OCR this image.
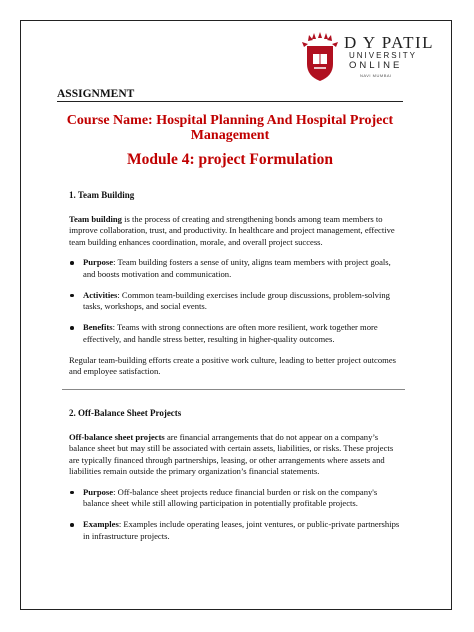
D Y PATIL
UNIVERSITY
ONLINE
NAVI MUMBAI
ASSIGNMENT
Course Name: Hospital Planning And Hospital Project Management
Module 4: project Formulation
1. Team Building

Team building is the process of creating and strengthening bonds among team members to improve collaboration, trust, and productivity. In healthcare and project management, effective team building enhances coordination, morale, and overall project success.

Purpose: Team building fosters a sense of unity, aligns team members with project goals, and boosts motivation and communication.
Activities: Common team-building exercises include group discussions, problem-solving tasks, workshops, and social events.
Benefits: Teams with strong connections are often more resilient, work together more effectively, and handle stress better, resulting in higher-quality outcomes.

Regular team-building efforts create a positive work culture, leading to better project outcomes and employee satisfaction.

2. Off-Balance Sheet Projects

Off-balance sheet projects are financial arrangements that do not appear on a company’s balance sheet but may still be associated with certain assets, liabilities, or risks. These projects are typically financed through partnerships, leasing, or other arrangements where assets and liabilities remain outside the primary organization’s financial statements.

Purpose: Off-balance sheet projects reduce financial burden or risk on the company's balance sheet while still allowing participation in potentially profitable projects.
Examples: Examples include operating leases, joint ventures, or public-private partnerships in infrastructure projects.
